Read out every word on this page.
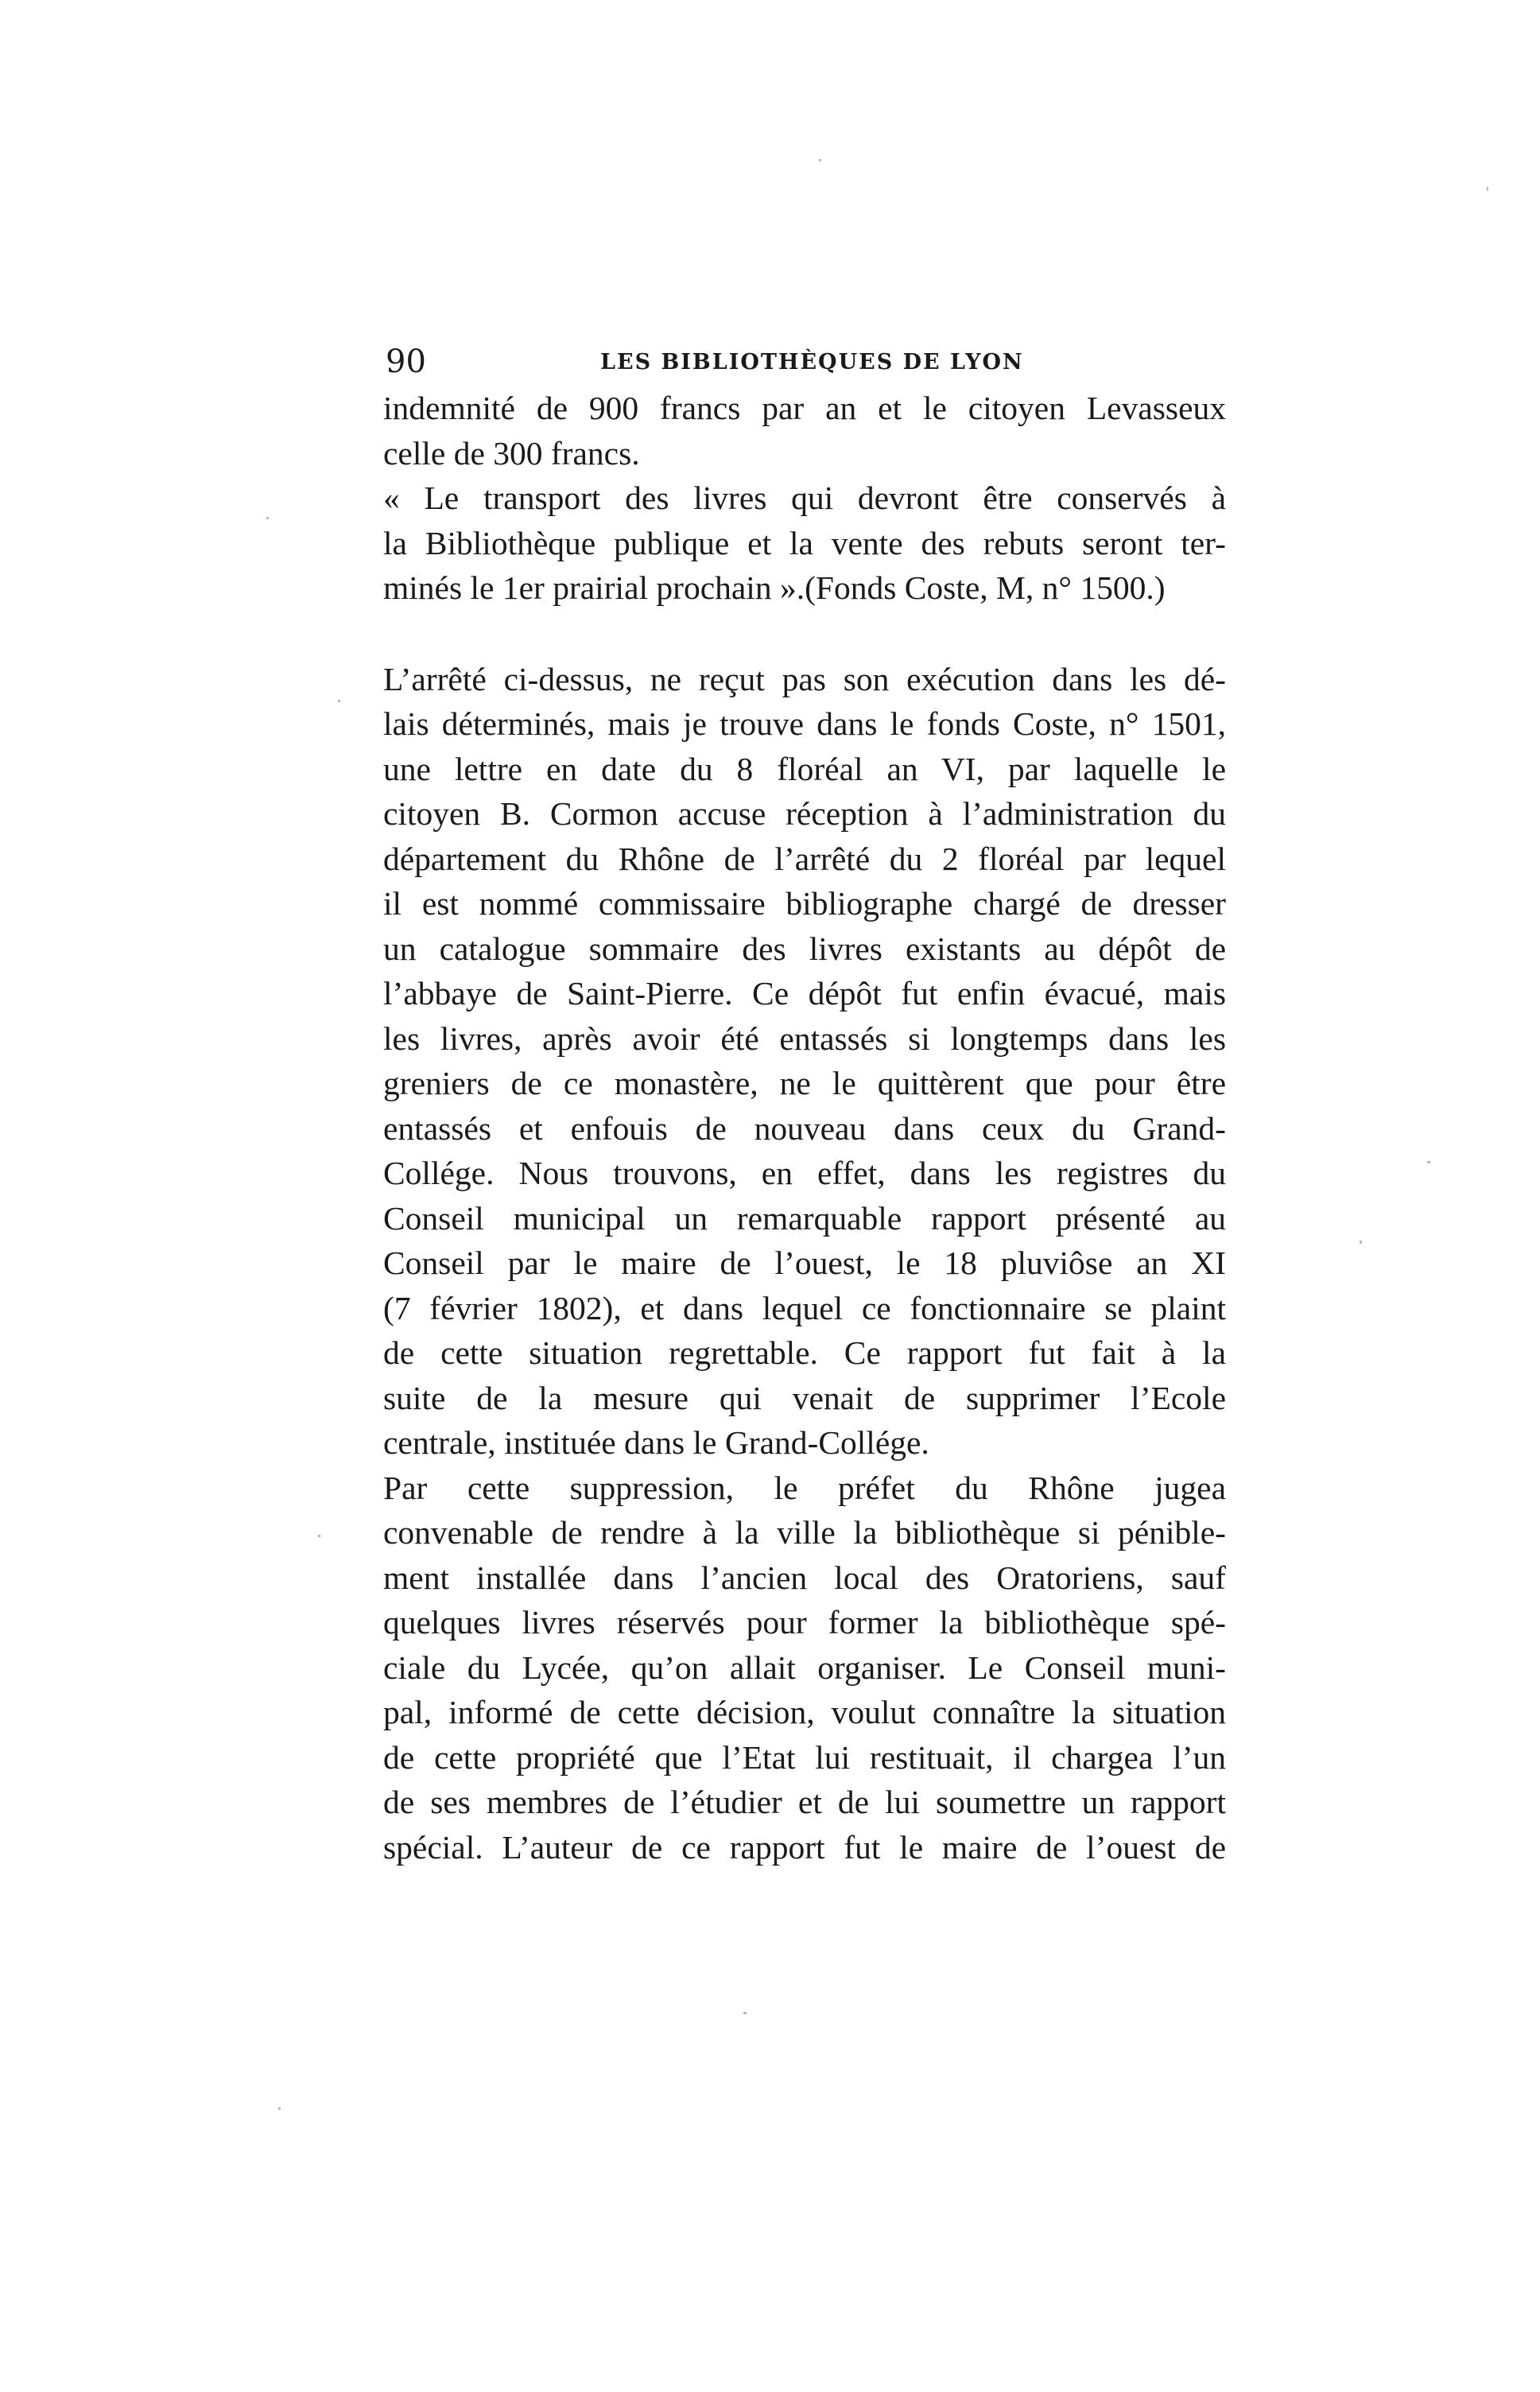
90	LES BIBLIOTHÈQUES DE LYON

indemnité de 900 francs par an et le citoyen Levasseux
celle de 300 francs.

« Le transport des livres qui devront être conservés à
la Bibliothèque publique et la vente des rebuts seront ter-
minés le 1er prairial prochain ».(Fonds Coste, M, n° 1500.)

L’arrêté ci-dessus, ne reçut pas son exécution dans les dé-
lais déterminés, mais je trouve dans le fonds Coste, n° 1501,
une lettre en date du 8 floréal an VI, par laquelle le
citoyen B. Cormon accuse réception à l’administration du
département du Rhône de l’arrêté du 2 floréal par lequel
il est nommé commissaire bibliographe chargé de dresser
un catalogue sommaire des livres existants au dépôt de
l’abbaye de Saint-Pierre. Ce dépôt fut enfin évacué, mais
les livres, après avoir été entassés si longtemps dans les
greniers de ce monastère, ne le quittèrent que pour être
entassés et enfouis de nouveau dans ceux du Grand-
Collége. Nous trouvons, en effet, dans les registres du
Conseil municipal un remarquable rapport présenté au
Conseil par le maire de l’ouest, le 18 pluviôse an XI
(7 février 1802), et dans lequel ce fonctionnaire se plaint
de cette situation regrettable. Ce rapport fut fait à la
suite de la mesure qui venait de supprimer l’Ecole
centrale, instituée dans le Grand-Collége.

Par cette suppression, le préfet du Rhône jugea
convenable de rendre à la ville la bibliothèque si pénible-
ment installée dans l’ancien local des Oratoriens, sauf
quelques livres réservés pour former la bibliothèque spé-
ciale du Lycée, qu’on allait organiser. Le Conseil muni-
pal, informé de cette décision, voulut connaître la situation
de cette propriété que l’Etat lui restituait, il chargea l’un
de ses membres de l’étudier et de lui soumettre un rapport
spécial. L’auteur de ce rapport fut le maire de l’ouest de
